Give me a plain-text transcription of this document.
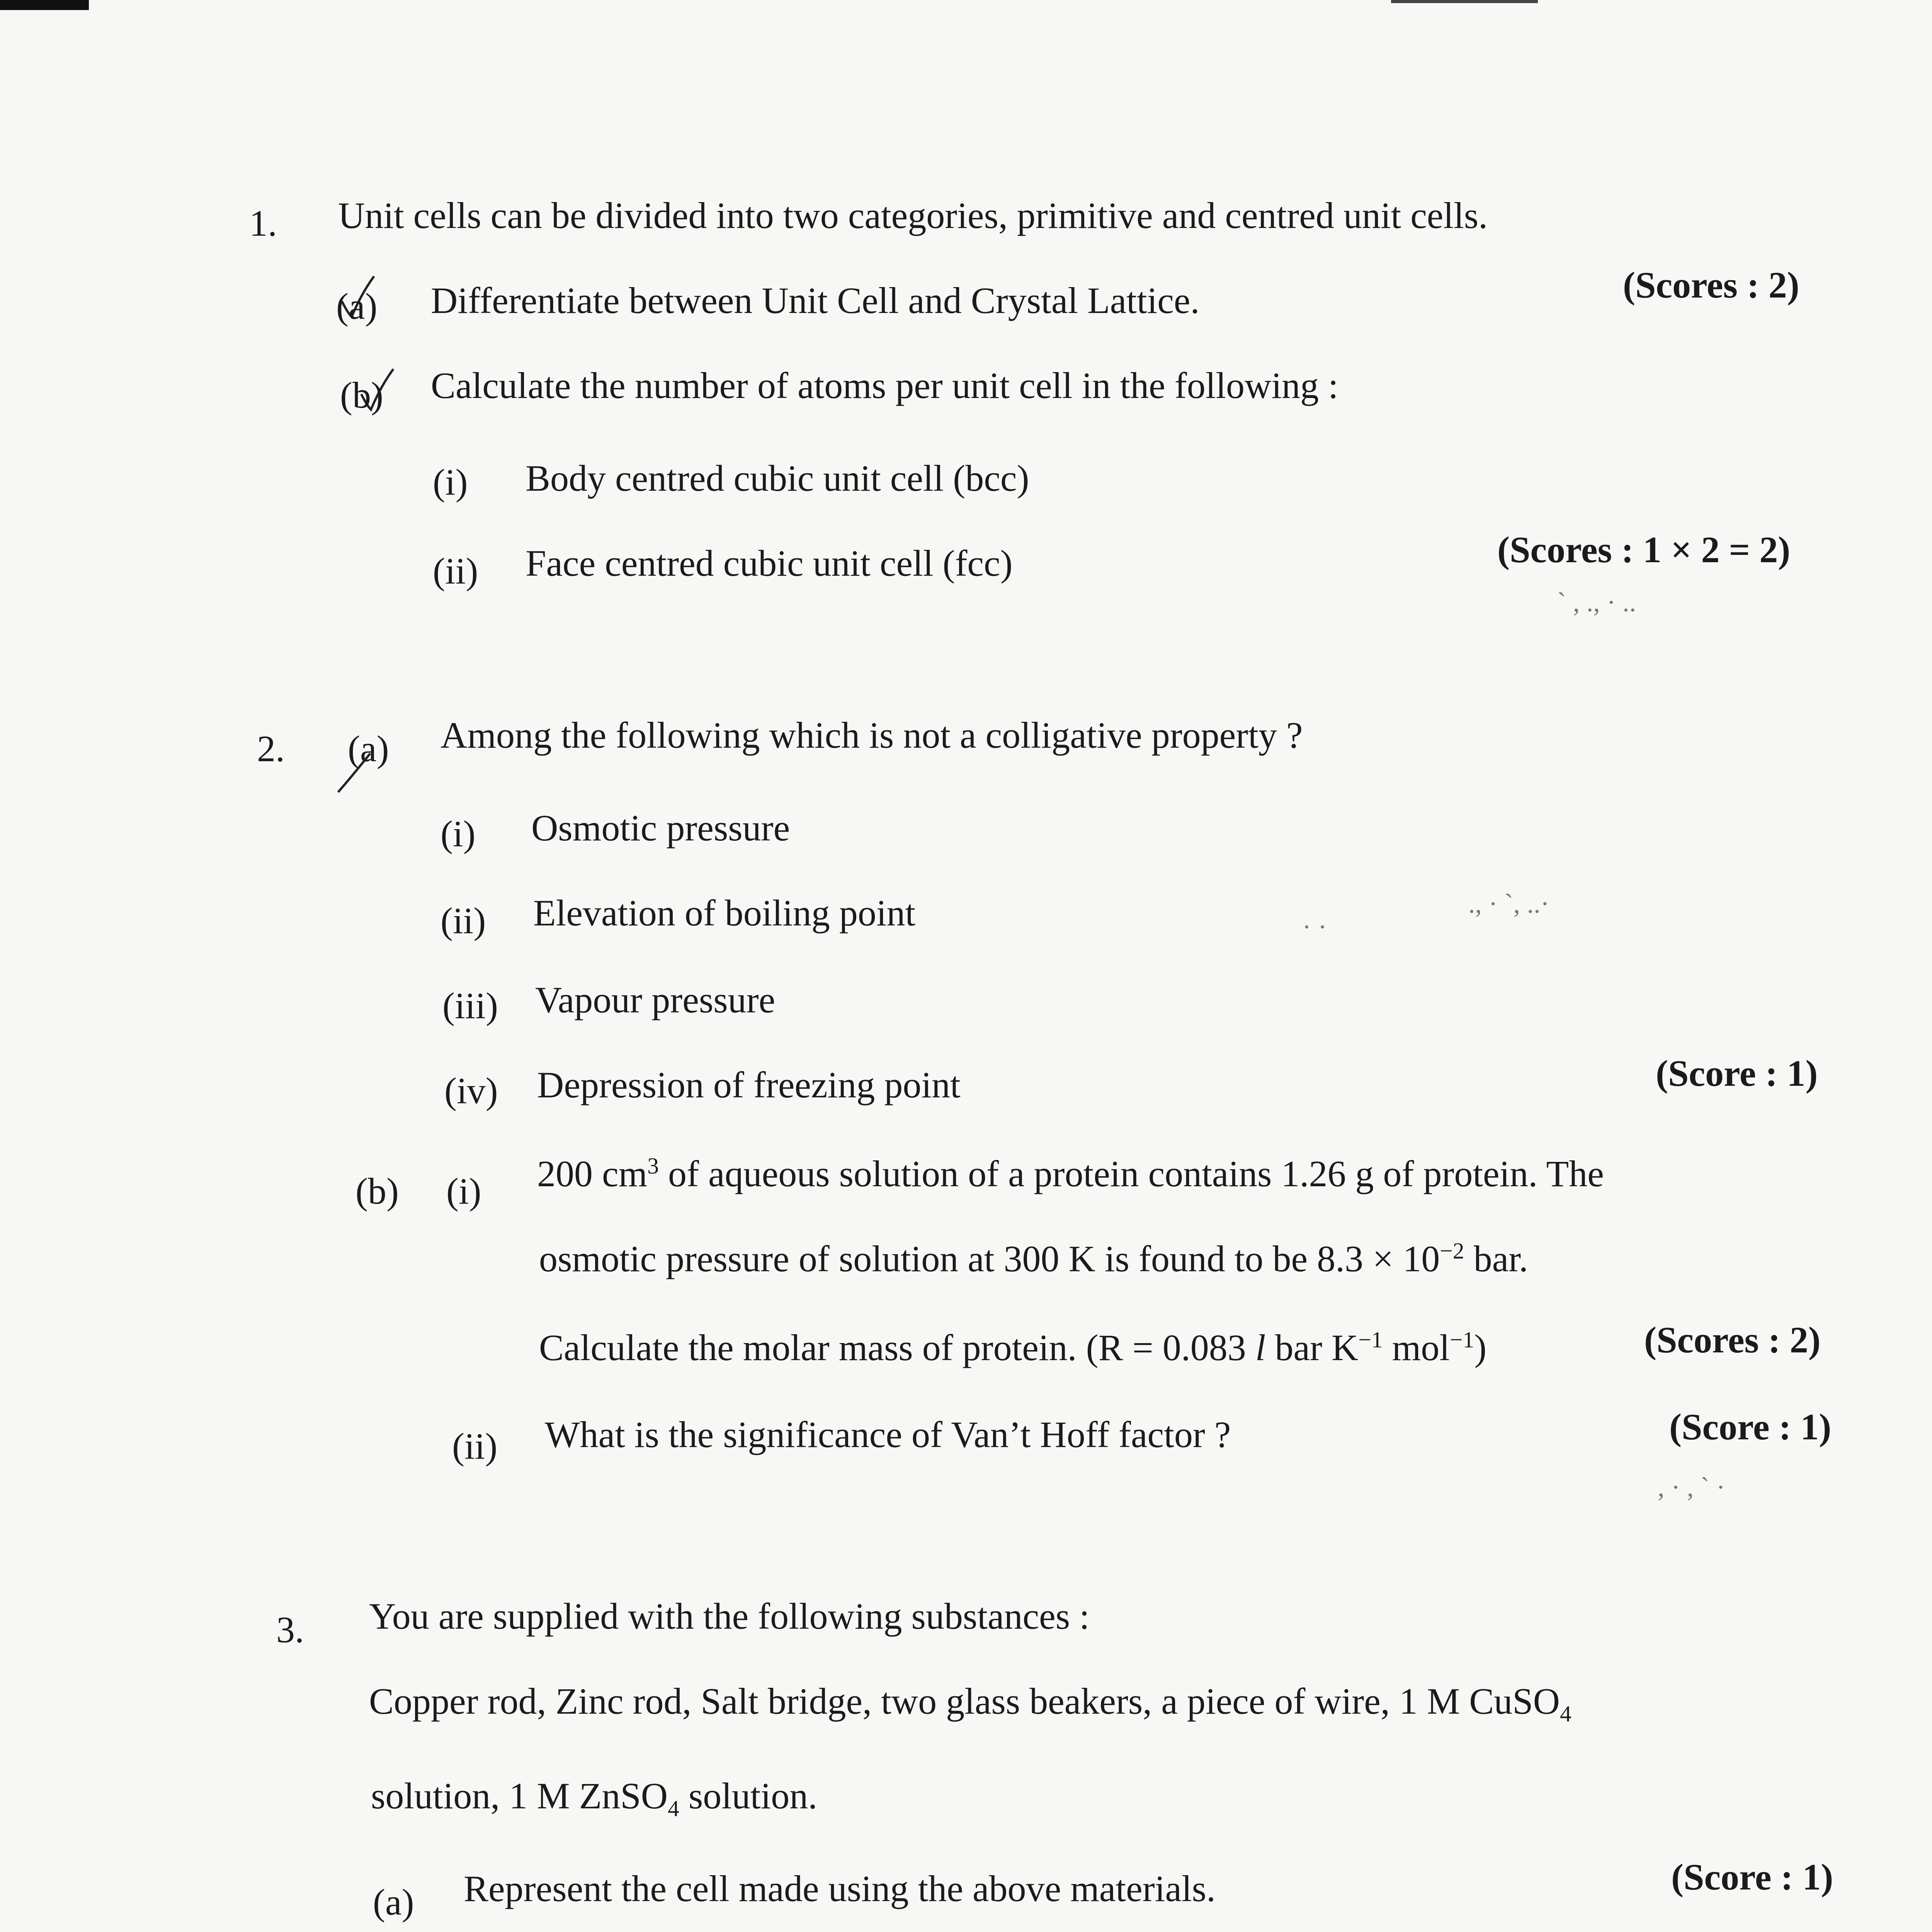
1. Unit cells can be divided into two categories, primitive and centred unit cells.
(a) Differentiate between Unit Cell and Crystal Lattice.	(Scores : 2)
(b) Calculate the number of atoms per unit cell in the following :
(i) Body centred cubic unit cell (bcc)
(ii) Face centred cubic unit cell (fcc)	(Scores : 1 × 2 = 2)
` , ., · ..
2. (a) Among the following which is not a colligative property ?
(i) Osmotic pressure
(ii) Elevation of boiling point
(iii) Vapour pressure
(iv) Depression of freezing point	(Score : 1)
· ·
., · `, ..·
(b) (i) 200 $cm^3$ of aqueous solution of a protein contains 1.26 g of protein. The
osmotic pressure of solution at 300 K is found to be $8.3 \times 10^{-2}$ bar.
Calculate the molar mass of protein. (R = 0.083 l bar $K^{-1}$ mol$^{-1}$)	(Scores : 2)
(ii) What is the significance of Van’t Hoff factor ?	(Score : 1)
, · , ` ·
3. You are supplied with the following substances :
Copper rod, Zinc rod, Salt bridge, two glass beakers, a piece of wire, 1 M CuSO$_4$
solution, 1 M ZnSO$_4$ solution.
(a) Represent the cell made using the above materials.	(Score : 1)
